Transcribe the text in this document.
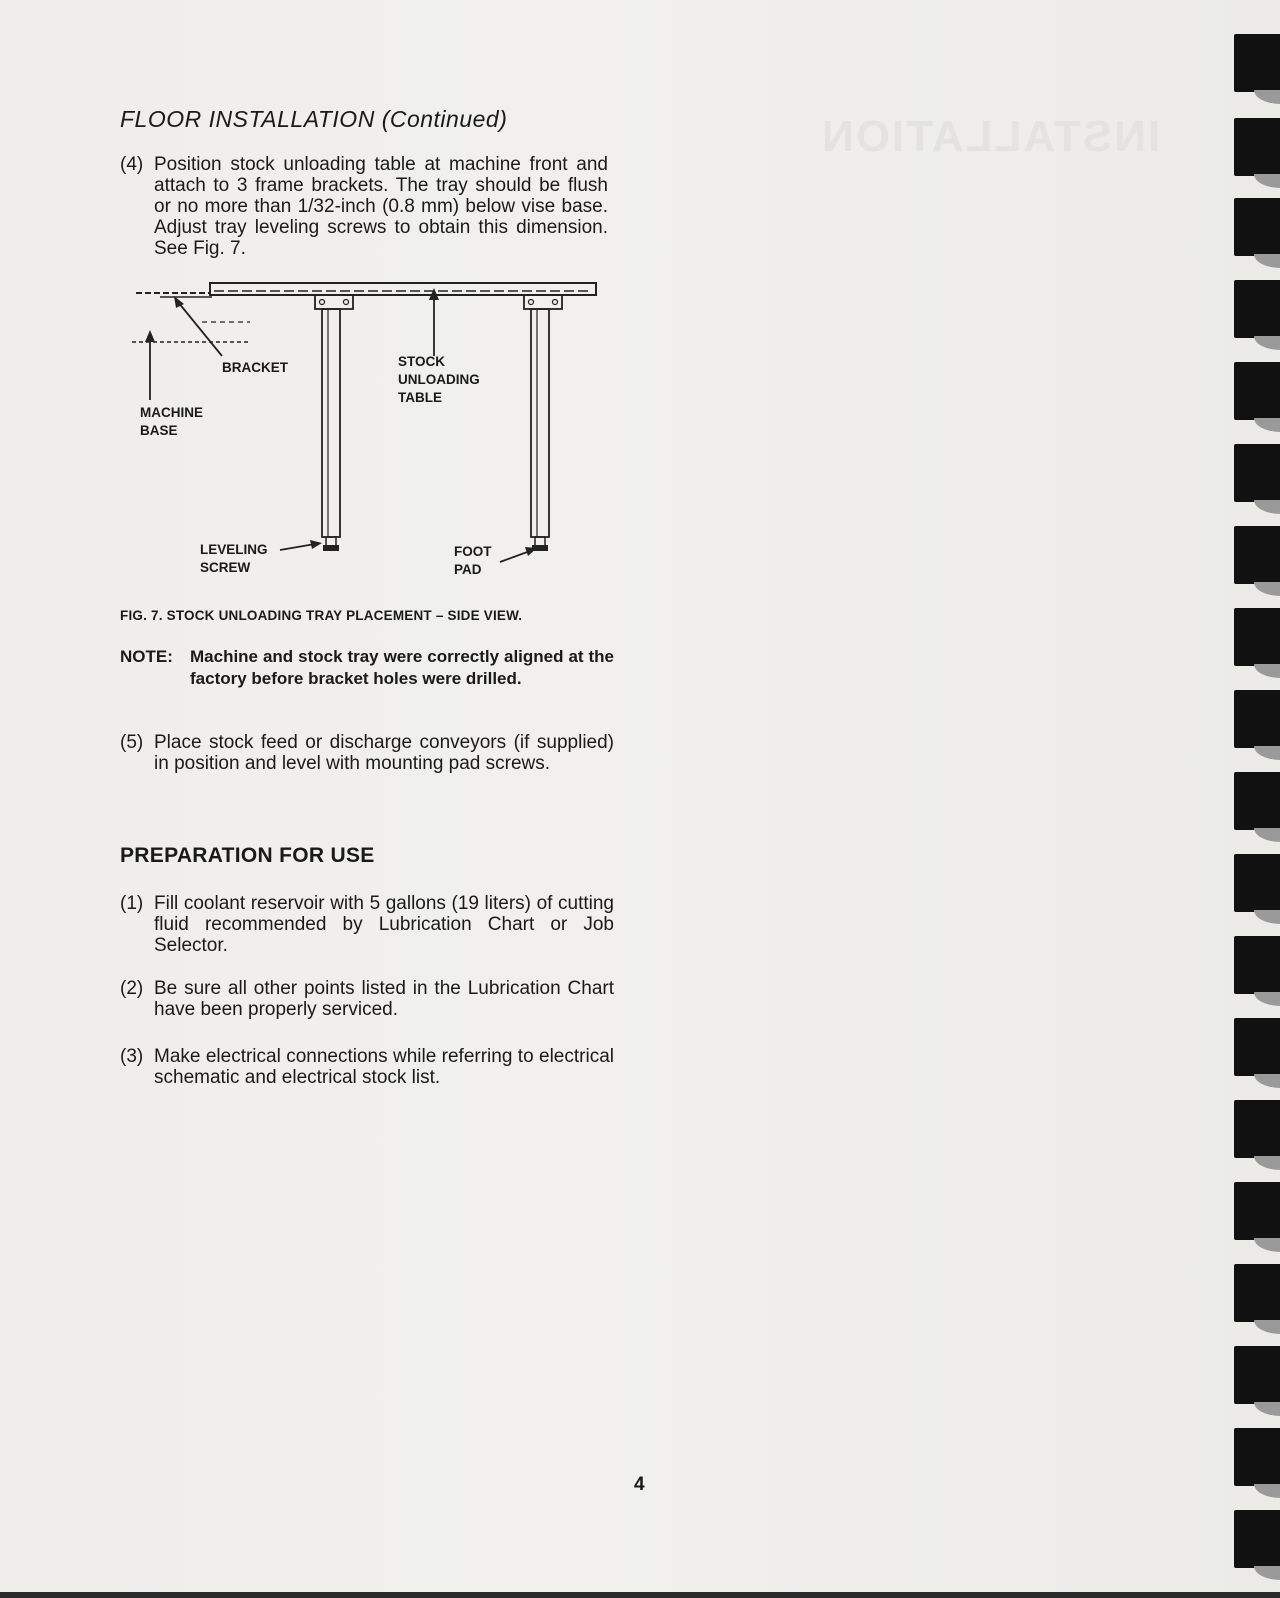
INSTALLATION
FLOOR INSTALLATION (Continued)
(4) Position stock unloading table at machine front and attach to 3 frame brackets. The tray should be flush or no more than 1/32-inch (0.8 mm) below vise base. Adjust tray leveling screws to obtain this dimension. See Fig. 7.
BRACKET	STOCK
UNLOADING
TABLE
MACHINE
BASE
LEVELING
SCREW
FOOT
PAD
FIG. 7. STOCK UNLOADING TRAY PLACEMENT – SIDE VIEW.
NOTE:	Machine and stock tray were correctly aligned at the factory before bracket holes were drilled.
(5) Place stock feed or discharge conveyors (if supplied) in position and level with mounting pad screws.
PREPARATION FOR USE
(1) Fill coolant reservoir with 5 gallons (19 liters) of cutting fluid recommended by Lubrication Chart or Job Selector.
(2) Be sure all other points listed in the Lubrication Chart have been properly serviced.
(3) Make electrical connections while referring to electrical schematic and electrical stock list.
4
